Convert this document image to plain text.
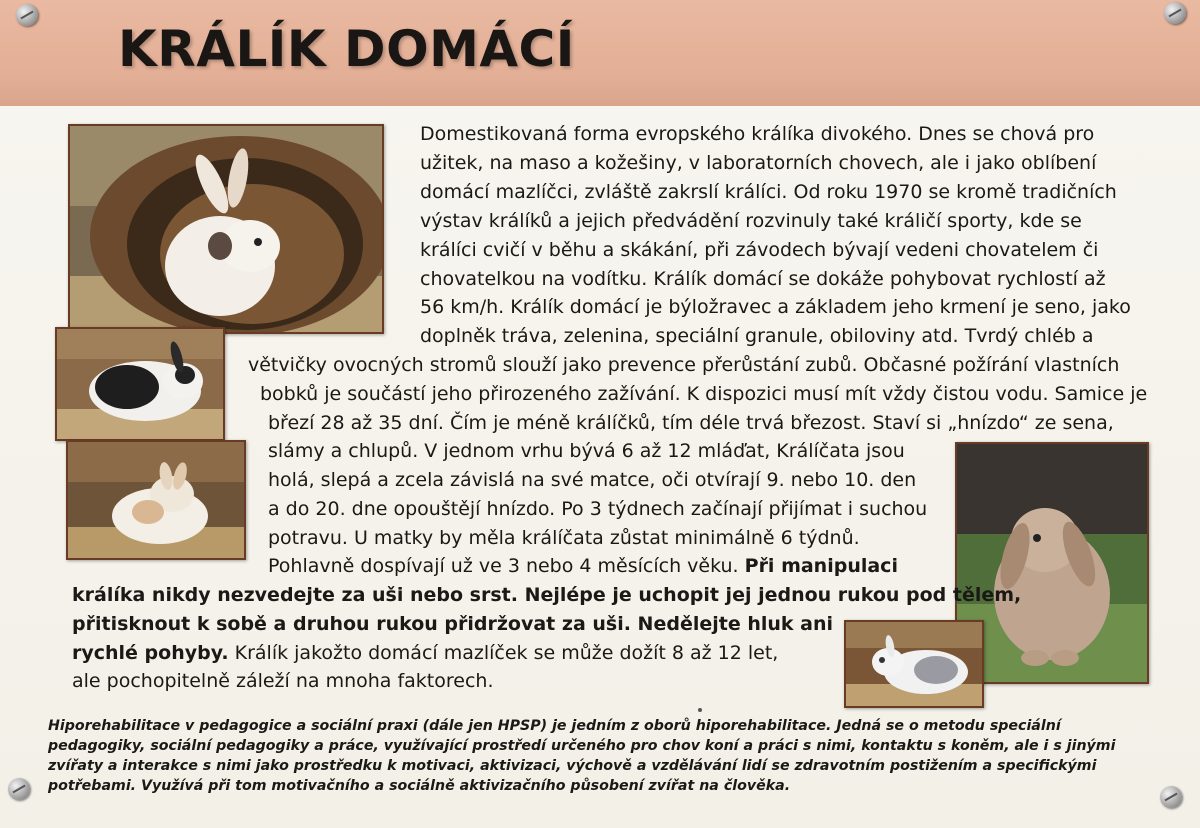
KRÁLÍK DOMÁCÍ

Domestikovaná forma evropského králíka divokého. Dnes se chová pro

užitek, na maso a kožešiny, v laboratorních chovech, ale i jako oblíbení

domácí mazlíčci, zvláště zakrslí králíci. Od roku 1970 se kromě tradičních

výstav králíků a jejich předvádění rozvinuly také králičí sporty, kde se

králíci cvičí v běhu a skákání, při závodech bývají vedeni chovatelem či

chovatelkou na vodítku. Králík domácí se dokáže pohybovat rychlostí až

56 km/h. Králík domácí je býložravec a základem jeho krmení je seno, jako

doplněk tráva, zelenina, speciální granule, obiloviny atd. Tvrdý chléb a

větvičky ovocných stromů slouží jako prevence přerůstání zubů. Občasné požírání vlastních

bobků je součástí jeho přirozeného zažívání. K dispozici musí mít vždy čistou vodu. Samice je

březí 28 až 35 dní. Čím je méně králíčků, tím déle trvá březost. Staví si „hnízdo“ ze sena,

slámy a chlupů. V jednom vrhu bývá 6 až 12 mláďat, Králíčata jsou

holá, slepá a zcela závislá na své matce, oči otvírají 9. nebo 10. den

a do 20. dne opouštějí hnízdo. Po 3 týdnech začínají přijímat i suchou

potravu. U matky by měla králíčata zůstat minimálně 6 týdnů.

Pohlavně dospívají už ve 3 nebo 4 měsících věku. Při manipulaci

králíka nikdy nezvedejte za uši nebo srst. Nejlépe je uchopit jej jednou rukou pod tělem,

přitisknout k sobě a druhou rukou přidržovat za uši. Nedělejte hluk ani

rychlé pohyby. Králík jakožto domácí mazlíček se může dožít 8 až 12 let,

ale pochopitelně záleží na mnoha faktorech.

Hiporehabilitace v pedagogice a sociální praxi (dále jen HPSP) je jedním z oborů hiporehabilitace. Jedná se o metodu speciální

pedagogiky, sociální pedagogiky a práce, využívající prostředí určeného pro chov koní a práci s nimi, kontaktu s koněm, ale i s jinými

zvířaty a interakce s nimi jako prostředku k motivaci, aktivizaci, výchově a vzdělávání lidí se zdravotním postižením a specifickými

potřebami. Využívá při tom motivačního a sociálně aktivizačního působení zvířat na člověka.
